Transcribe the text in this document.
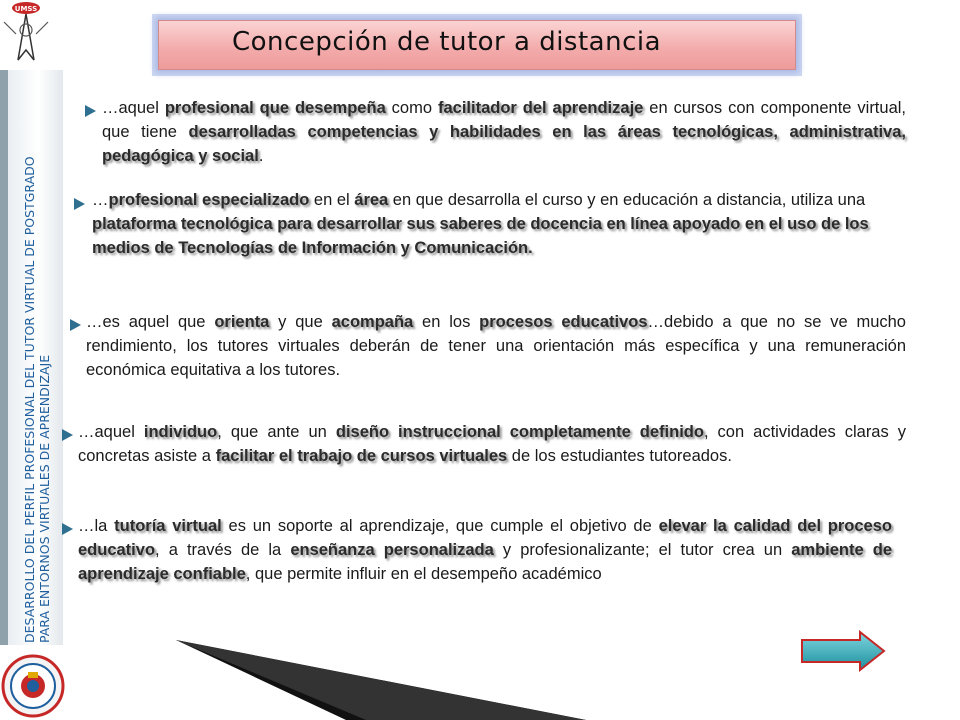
UMSS
DESARROLLO DEL PERFIL PROFESIONAL DEL TUTOR VIRTUAL DE POSTGRADO PARA ENTORNOS VIRTUALES DE APRENDIZAJE
Concepción de tutor a distancia
…aquel profesional que desempeña como facilitador del aprendizaje en cursos con componente virtual, que tiene desarrolladas competencias y habilidades en las áreas tecnológicas, administrativa, pedagógica y social.
…profesional especializado en el área en que desarrolla el curso y en educación a distancia, utiliza una plataforma tecnológica para desarrollar sus saberes de docencia en línea apoyado en el uso de los medios de Tecnologías de Información y Comunicación.
…es aquel que orienta y que acompaña en los procesos educativos…debido a que no se ve mucho rendimiento, los tutores virtuales deberán de tener una orientación más específica y una remuneración económica equitativa a los tutores.
…aquel individuo, que ante un diseño instruccional completamente definido, con actividades claras y concretas asiste a facilitar el trabajo de cursos virtuales de los estudiantes tutoreados.
…la tutoría virtual es un soporte al aprendizaje, que cumple el objetivo de elevar la calidad del proceso educativo, a través de la enseñanza personalizada y profesionalizante; el tutor crea un ambiente de aprendizaje confiable, que permite influir en el desempeño académico
